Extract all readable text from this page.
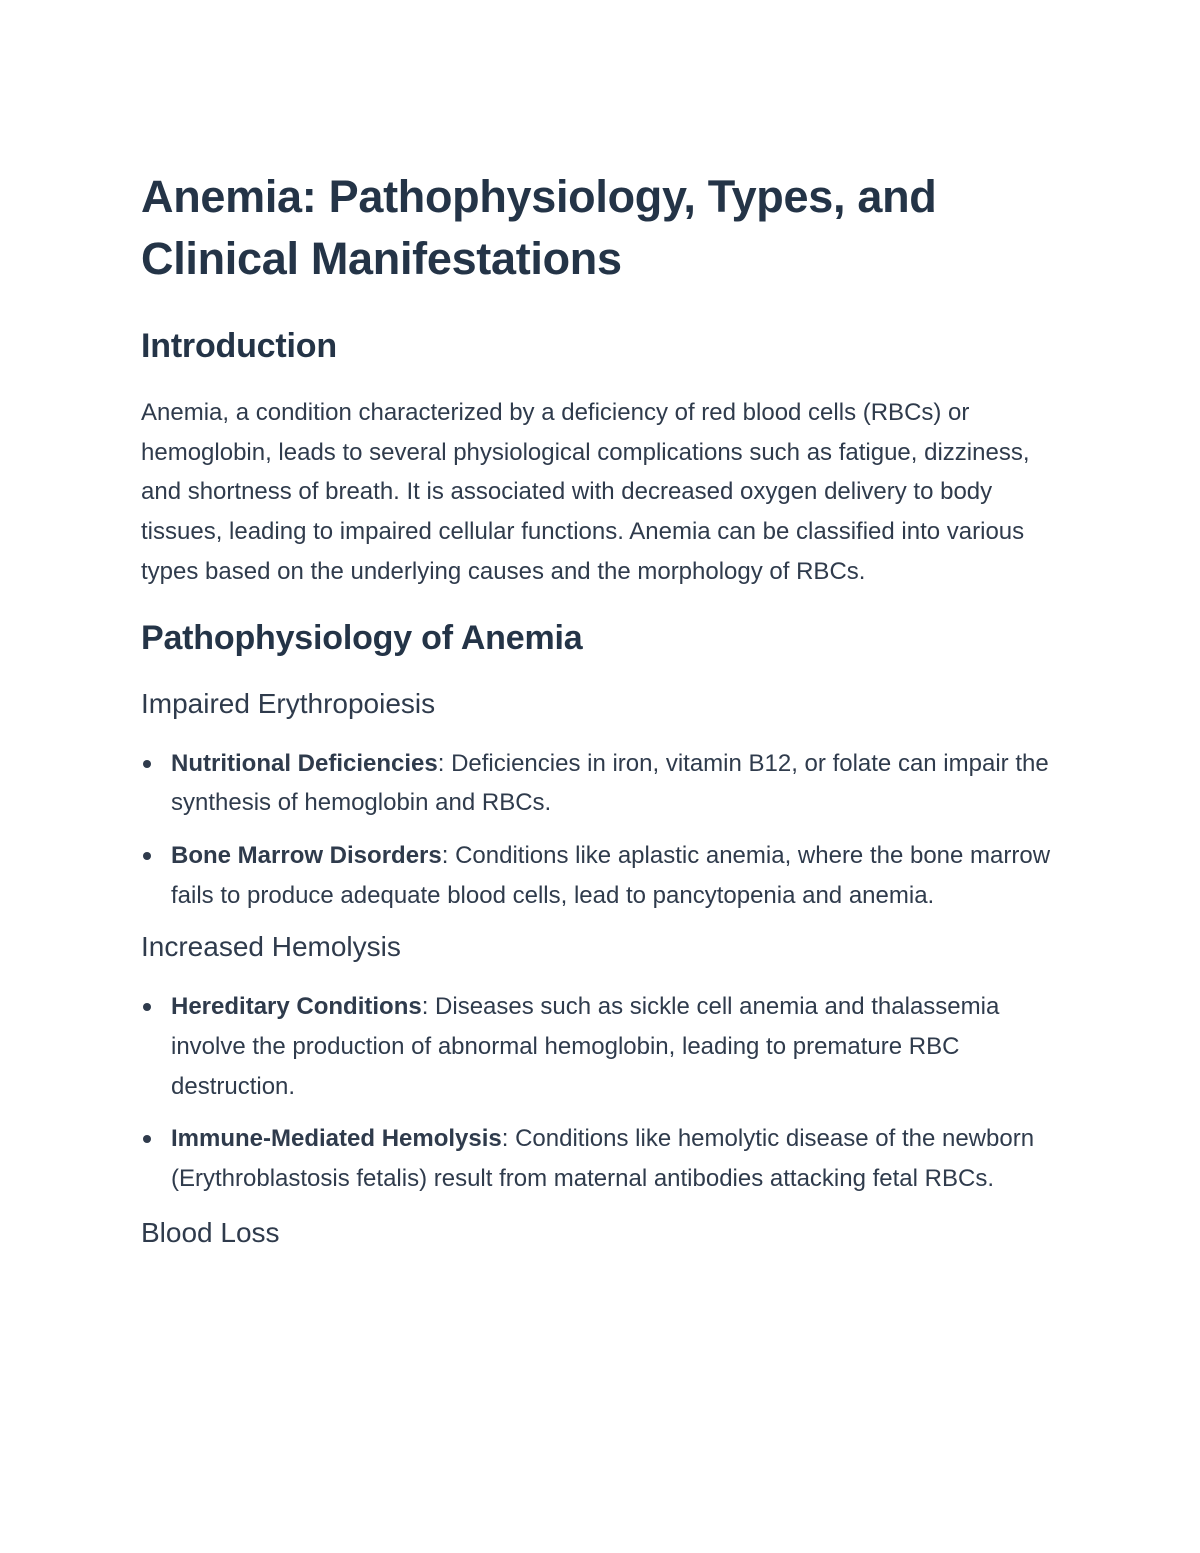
Anemia: Pathophysiology, Types, and Clinical Manifestations
Introduction

Anemia, a condition characterized by a deficiency of red blood cells (RBCs) or hemoglobin, leads to several physiological complications such as fatigue, dizziness, and shortness of breath. It is associated with decreased oxygen delivery to body tissues, leading to impaired cellular functions. Anemia can be classified into various types based on the underlying causes and the morphology of RBCs.

Pathophysiology of Anemia
Impaired Erythropoiesis
Nutritional Deficiencies: Deficiencies in iron, vitamin B12, or folate can impair the synthesis of hemoglobin and RBCs.
Bone Marrow Disorders: Conditions like aplastic anemia, where the bone marrow fails to produce adequate blood cells, lead to pancytopenia and anemia.
Increased Hemolysis
Hereditary Conditions: Diseases such as sickle cell anemia and thalassemia involve the production of abnormal hemoglobin, leading to premature RBC destruction.
Immune-Mediated Hemolysis: Conditions like hemolytic disease of the newborn (Erythroblastosis fetalis) result from maternal antibodies attacking fetal RBCs.
Blood Loss
